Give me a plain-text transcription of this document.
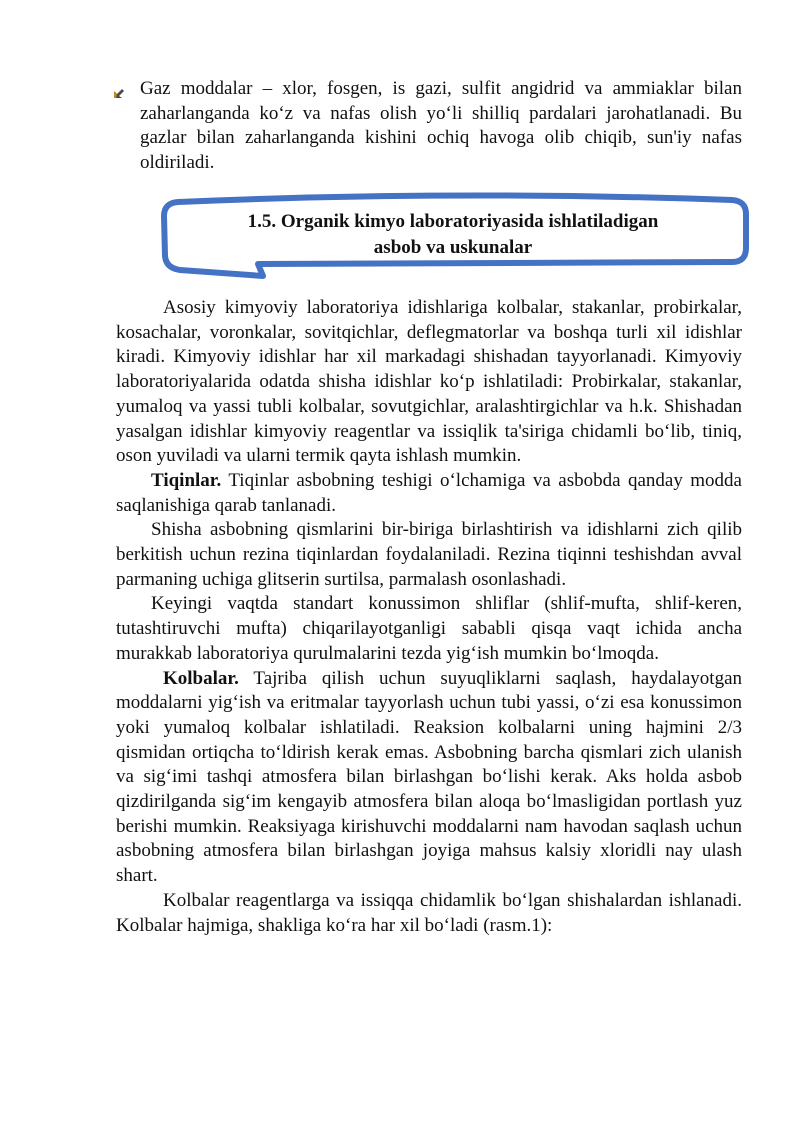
Gaz moddalar – xlor, fosgen, is gazi, sulfit angidrid va ammiaklar bilan zaharlanganda ko‘z va nafas olish yo‘li shilliq pardalari jarohatlanadi. Bu gazlar bilan zaharlanganda kishini ochiq havoga olib chiqib, sun'iy nafas oldiriladi.
1.5. Organik kimyo laboratoriyasida ishlatiladigan
asbob va uskunalar

Asosiy kimyoviy laboratoriya idishlariga kolbalar, stakanlar, probirkalar, kosachalar, voronkalar, sovitqichlar, deflegmatorlar va boshqa turli xil idishlar kiradi. Kimyoviy idishlar har xil markadagi shishadan tayyorlanadi. Kimyoviy laboratoriyalarida odatda shisha idishlar ko‘p ishlatiladi: Probirkalar, stakanlar, yumaloq va yassi tubli kolbalar, sovutgichlar, aralashtirgichlar va h.k. Shishadan yasalgan idishlar kimyoviy reagentlar va issiqlik ta'siriga chidamli bo‘lib, tiniq, oson yuviladi va ularni termik qayta ishlash mumkin.

Tiqinlar. Tiqinlar asbobning teshigi o‘lchamiga va asbobda qanday modda saqlanishiga qarab tanlanadi.

Shisha asbobning qismlarini bir-biriga birlashtirish va idishlarni zich qilib berkitish uchun rezina tiqinlardan foydalaniladi. Rezina tiqinni teshishdan avval parmaning uchiga glitserin surtilsa, parmalash osonlashadi.

Keyingi vaqtda standart konussimon shliflar (shlif-mufta, shlif-keren, tutashtiruvchi mufta) chiqarilayotganligi sababli qisqa vaqt ichida ancha murakkab laboratoriya qurulmalarini tezda yig‘ish mumkin bo‘lmoqda.

Kolbalar. Tajriba qilish uchun suyuqliklarni saqlash, haydalayotgan moddalarni yig‘ish va eritmalar tayyorlash uchun tubi yassi, o‘zi esa konussimon yoki yumaloq kolbalar ishlatiladi. Reaksion kolbalarni uning hajmini 2/3 qismidan ortiqcha to‘ldirish kerak emas. Asbobning barcha qismlari zich ulanish va sig‘imi tashqi atmosfera bilan birlashgan bo‘lishi kerak. Aks holda asbob qizdirilganda sig‘im kengayib atmosfera bilan aloqa bo‘lmasligidan portlash yuz berishi mumkin. Reaksiyaga kirishuvchi moddalarni nam havodan saqlash uchun asbobning atmosfera bilan birlashgan joyiga mahsus kalsiy xloridli nay ulash shart.

Kolbalar reagentlarga va issiqqa chidamlik bo‘lgan shishalardan ishlanadi. Kolbalar hajmiga, shakliga ko‘ra har xil bo‘ladi (rasm.1):
